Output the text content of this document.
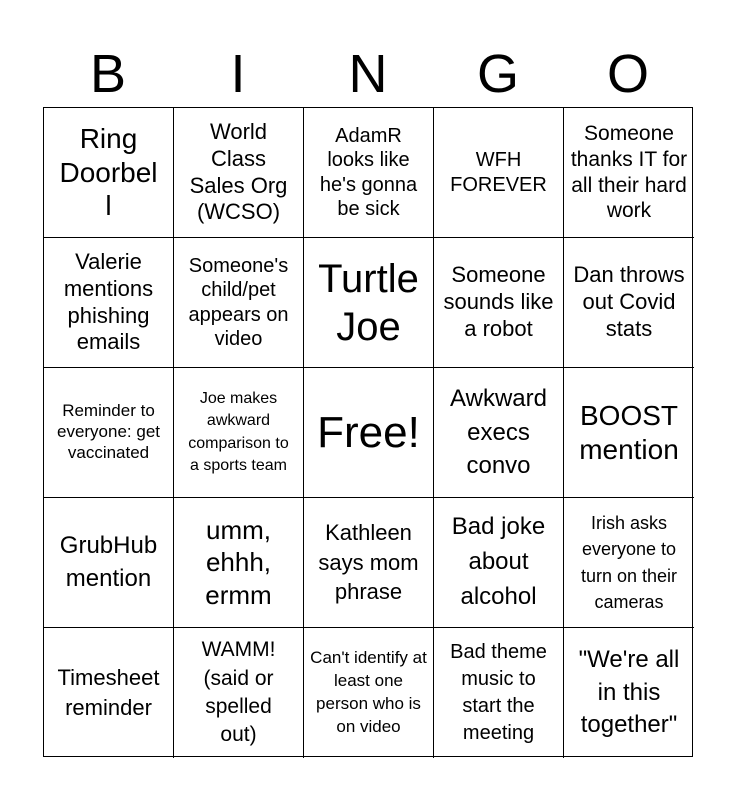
B	I	N	G	O
Ring Doorbell
World Class Sales Org (WCSO)
AdamR looks like he's gonna be sick
WFH FOREVER
Someone thanks IT for all their hard work
Valerie mentions phishing emails
Someone's child/pet appears on video
Turtle Joe
Someone sounds like a robot
Dan throws out Covid stats
Reminder to everyone: get vaccinated
Joe makes awkward comparison to a sports team
Free!
Awkward execs convo
BOOST mention
GrubHub mention
umm, ehhh, ermm
Kathleen says mom phrase
Bad joke about alcohol
Irish asks everyone to turn on their cameras
Timesheet reminder
WAMM! (said or spelled out)
Can't identify at least one person who is on video
Bad theme music to start the meeting
"We're all in this together"
